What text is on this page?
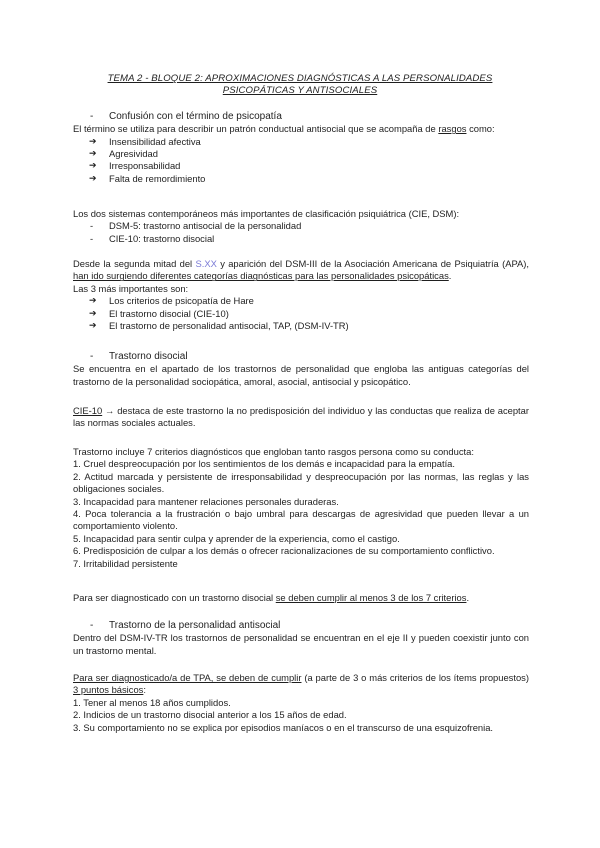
TEMA 2 - BLOQUE 2: APROXIMACIONES DIAGNÓSTICAS A LAS PERSONALIDADES
PSICOPÁTICAS Y ANTISOCIALES
- Confusión con el término de psicopatía

El término se utiliza para describir un patrón conductual antisocial que se acompaña de rasgos como:

➔ Insensibilidad afectiva
➔ Agresividad
➔ Irresponsabilidad
➔ Falta de remordimiento

Los dos sistemas contemporáneos más importantes de clasificación psiquiátrica (CIE, DSM):

- DSM-5: trastorno antisocial de la personalidad
- CIE-10: trastorno disocial

Desde la segunda mitad del S.XX y aparición del DSM-III de la Asociación Americana de Psiquiatría (APA), han ido surgiendo diferentes categorías diagnósticas para las personalidades psicopáticas.

Las 3 más importantes son:

➔ Los criterios de psicopatía de Hare
➔ El trastorno disocial (CIE-10)
➔ El trastorno de personalidad antisocial, TAP, (DSM-IV-TR)
- Trastorno disocial

Se encuentra en el apartado de los trastornos de personalidad que engloba las antiguas categorías del trastorno de la personalidad sociopática, amoral, asocial, antisocial y psicopático.

CIE-10 → destaca de este trastorno la no predisposición del individuo y las conductas que realiza de aceptar las normas sociales actuales.

Trastorno incluye 7 criterios diagnósticos que engloban tanto rasgos persona como su conducta:

1. Cruel despreocupación por los sentimientos de los demás e incapacidad para la empatía.

2. Actitud marcada y persistente de irresponsabilidad y despreocupación por las normas, las reglas y las obligaciones sociales.

3. Incapacidad para mantener relaciones personales duraderas.

4. Poca tolerancia a la frustración o bajo umbral para descargas de agresividad que pueden llevar a un comportamiento violento.

5. Incapacidad para sentir culpa y aprender de la experiencia, como el castigo.

6. Predisposición de culpar a los demás o ofrecer racionalizaciones de su comportamiento conflictivo.

7. Irritabilidad persistente

Para ser diagnosticado con un trastorno disocial se deben cumplir al menos 3 de los 7 criterios.

- Trastorno de la personalidad antisocial

Dentro del DSM-IV-TR los trastornos de personalidad se encuentran en el eje II y pueden coexistir junto con un trastorno mental.

Para ser diagnosticado/a de TPA, se deben de cumplir (a parte de 3 o más criterios de los ítems propuestos) 3 puntos básicos:

1. Tener al menos 18 años cumplidos.

2. Indicios de un trastorno disocial anterior a los 15 años de edad.

3. Su comportamiento no se explica por episodios maníacos o en el transcurso de una esquizofrenia.
